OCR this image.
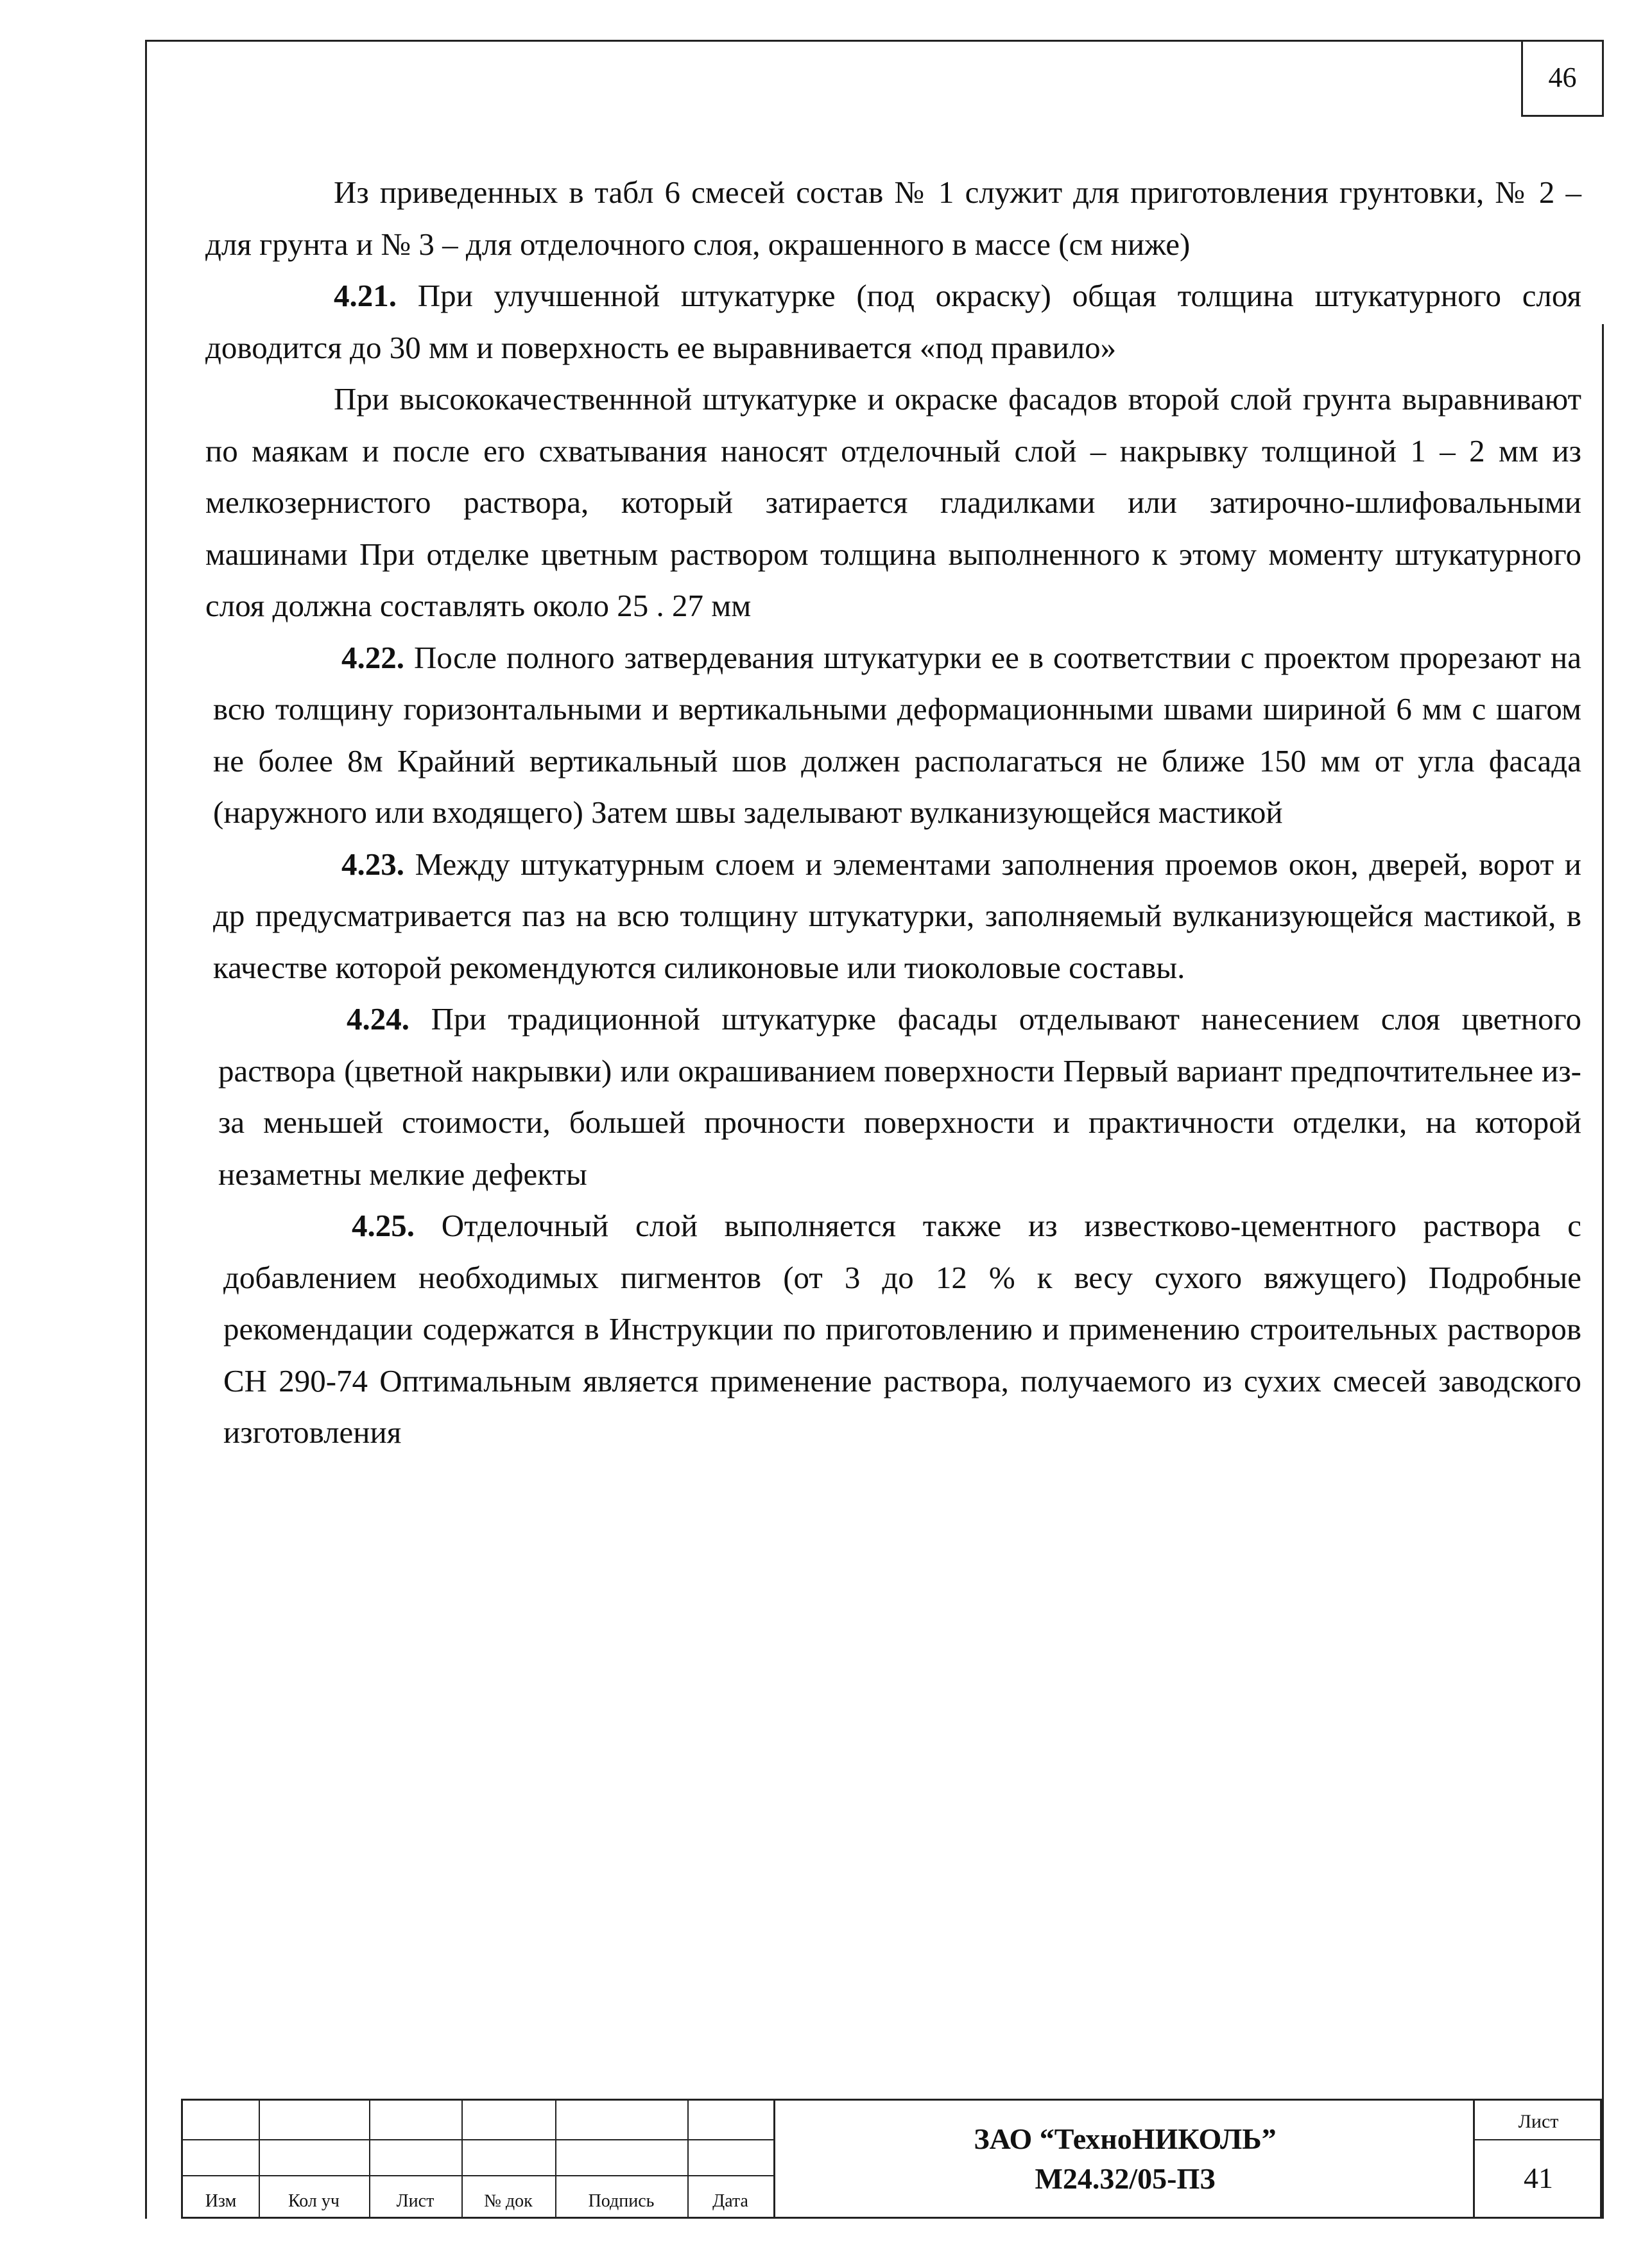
46

Из приведенных в табл 6 смесей состав № 1 служит для приготовления грунтовки, № 2 – для грунта и № 3 – для отделочного слоя, окрашенного в массе (см ниже)

4.21. При улучшенной штукатурке (под окраску) общая толщина штукатурного слоя доводится до 30 мм и поверхность ее выравнивается «под правило»

При высококачественнной штукатурке и окраске фасадов второй слой грунта выравнивают по маякам и после его схватывания наносят отделочный слой – накрывку толщиной 1 – 2 мм из мелкозернистого раствора, который затирается гладилками или затирочно-шлифовальными машинами При отделке цветным раствором толщина выполненного к этому моменту штукатурного слоя должна составлять около 25 . 27 мм

4.22. После полного затвердевания штукатурки ее в соответствии с проектом прорезают на всю толщину горизонтальными и вертикальными деформационными швами шириной 6 мм с шагом не более 8м Крайний вертикальный шов должен располагаться не ближе 150 мм от угла фасада (наружного или входящего) Затем швы заделывают вулканизующейся мастикой

4.23. Между штукатурным слоем и элементами заполнения проемов окон, дверей, ворот и др предусматривается паз на всю толщину штукатурки, заполняемый вулканизующейся мастикой, в качестве которой рекомендуются силиконовые или тиоколовые составы.

4.24. При традиционной штукатурке фасады отделывают нанесением слоя цветного раствора (цветной накрывки) или окрашиванием поверхности Первый вариант предпочтительнее из-за меньшей стоимости, большей прочности поверхности и практичности отделки, на которой незаметны мелкие дефекты

4.25. Отделочный слой выполняется также из известково-цементного раствора с добавлением необходимых пигментов (от 3 до 12 % к весу сухого вяжущего) Подробные рекомендации содержатся в Инструкции по приготовлению и применению строительных растворов СН 290-74 Оптимальным является применение раствора, получаемого из сухих смесей заводского изготовления

Изм	Кол уч	Лист	№ док	Подпись	Дата
ЗАО “ТехноНИКОЛЬ”
М24.32/05-ПЗ
Лист
41
